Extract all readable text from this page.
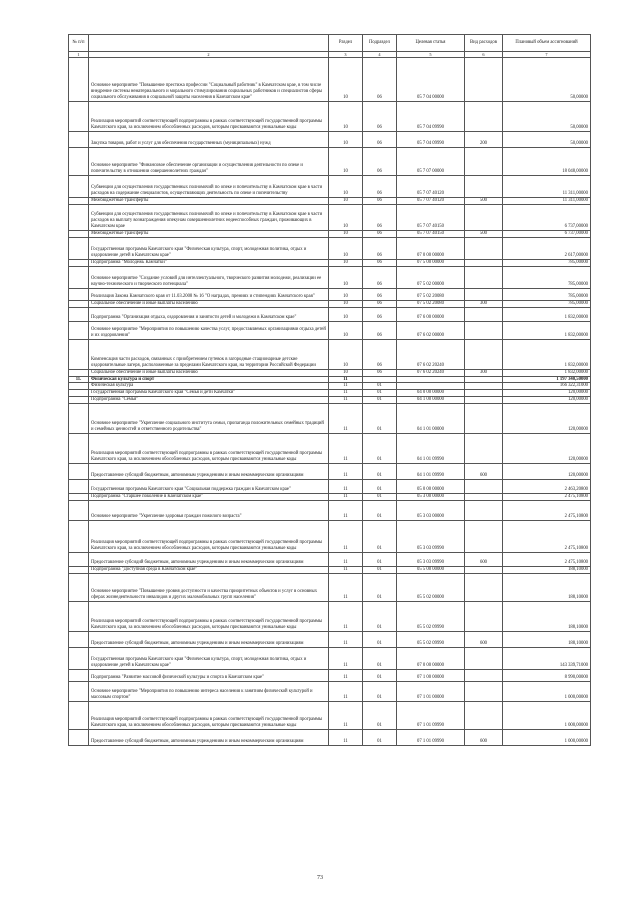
№ п/п		Раздел	Подраздел	Целевая статья	Вид расходов	Плановый объем ассигнований
1	2	3	4	5	6	7
	Основное мероприятие "Повышение престижа профессии "Социальный работник" в Камчатском крае, в том числе внедрение системы нематериального и морального стимулирования социальных работников и специалистов сферы социального обслуживания в социальной защиты населения в Камчатском крае"	10	06	05 7 04 00000		50,00000
	Реализация мероприятий соответствующей подпрограммы в рамках соответствующей государственной программы Камчатского края, за исключением обособленных расходов, которым присваиваются уникальные коды	10	06	05 7 04 09990		50,00000
	Закупка товаров, работ и услуг для обеспечения государственных (муниципальных) нужд	10	06	05 7 04 09990	200	50,00000
	Основное мероприятие "Финансовое обеспечение организации и осуществления деятельности по опеке и попечительству в отношении совершеннолетних граждан"	10	06	05 7 07 00000		18 048,00000
	Субвенции для осуществления государственных полномочий по опеке и попечительству в Камчатском крае в части расходов на содержание специалистов, осуществляющих деятельность по опеке и попечительству	10	06	05 7 07 40120		11 311,00000
	Межбюджетные трансферты	10	06	05 7 07 40120	500	11 311,00000
	Субвенции для осуществления государственных полномочий по опеке и попечительству в Камчатском крае в части расходов на выплату вознаграждения опекунам совершеннолетних недееспособных граждан, проживающих в Камчатском крае	10	06	05 7 07 40150		6 737,00000
	Межбюджетные трансферты	10	06	05 7 07 40150	500	6 737,00000
	Государственная программа Камчатского края "Физическая культура, спорт, молодежная политика, отдых и оздоровление детей в Камчатском крае"	10	06	07 0 00 00000		2 617,00000
	Подпрограмма "Молодежь Камчатки"	10	06	07 5 00 00000		785,00000
	Основное мероприятие "Создание условий для интеллектуального, творческого развития молодежи, реализации ее научно-технического и творческого потенциала"	10	06	07 5 02 00000		785,00000
	Реализация Закона Камчатского края от 11.03.2008 № 16 "О наградах, премиях и стипендиях Камчатского края"	10	06	07 5 02 20080		785,00000
	Социальное обеспечение и иные выплаты населению	10	06	07 5 02 20080	300	785,00000
	Подпрограмма "Организация отдыха, оздоровления и занятости детей и молодежи в Камчатском крае"	10	06	07 6 00 00000		1 832,00000
	Основное мероприятие "Мероприятия по повышению качества услуг, предоставляемых организациями отдыха детей и их оздоровления"	10	06	07 6 02 00000		1 832,00000
	Компенсация части расходов, связанных с приобретением путевок в загородные стационарные детские оздоровительные лагеря, расположенные за пределами Камчатского края, на территории Российской Федерации	10	06	07 6 02 20240		1 832,00000
	Социальное обеспечение и иные выплаты населению	10	06	07 6 02 20240	300	1 832,00000
11.	Физическая культура и спорт	11				1 197 340,50000
	Физическая культура	11	01			166 322,31000
	Государственная программа Камчатского края "Семья и дети Камчатки"	11	01	04 0 00 00000		120,00000
	Подпрограмма "Семья"	11	01	04 1 00 00000		120,00000
	Основное мероприятие "Укрепление социального института семьи, пропаганда положительных семейных традиций и семейных ценностей и ответственного родительства"	11	01	04 1 01 00000		120,00000
	Реализация мероприятий соответствующей подпрограммы в рамках соответствующей государственной программы Камчатского края, за исключением обособленных расходов, которым присваиваются уникальные коды	11	01	04 1 01 09990		120,00000
	Предоставление субсидий бюджетным, автономным учреждениям и иным некоммерческим организациям	11	01	04 1 01 09990	600	120,00000
	Государственная программа Камчатского края "Социальная поддержка граждан в Камчатском крае"	11	01	05 0 00 00000		2 463,20800
	Подпрограмма "Старшее поколение в Камчатском крае"	11	01	05 3 00 00000		2 475,10800
	Основное мероприятие "Укрепление здоровья граждан пожилого возраста"	11	01	05 3 03 00000		2 475,10800
	Реализация мероприятий соответствующей подпрограммы в рамках соответствующей государственной программы Камчатского края, за исключением обособленных расходов, которым присваиваются уникальные коды	11	01	05 3 03 09990		2 475,10800
	Предоставление субсидий бюджетным, автономным учреждениям и иным некоммерческим организациям	11	01	05 3 03 09990	600	2 475,10800
	Подпрограмма "Доступная среда в Камчатском крае"	11	01	05 5 00 00000		188,10000
	Основное мероприятие "Повышение уровня доступности и качества приоритетных объектов и услуг в основных сферах жизнедеятельности инвалидов и других маломобильных групп населения"	11	01	05 5 02 00000		188,10000
	Реализация мероприятий соответствующей подпрограммы в рамках соответствующей государственной программы Камчатского края, за исключением обособленных расходов, которым присваиваются уникальные коды	11	01	05 5 02 09990		188,10000
	Предоставление субсидий бюджетным, автономным учреждениям и иным некоммерческим организациям	11	01	05 5 02 09990	600	188,10000
	Государственная программа Камчатского края "Физическая культура, спорт, молодежная политика, отдых и оздоровление детей в Камчатском крае"	11	01	07 0 00 00000		143 339,71000
	Подпрограмма "Развитие массовой физической культуры и спорта в Камчатском крае"	11	01	07 1 00 00000		8 990,00000
	Основное мероприятие "Мероприятия по повышению интереса населения к занятиям физической культурой и массовым спортом"	11	01	07 1 01 00000		1 000,00000
	Реализация мероприятий соответствующей подпрограммы в рамках соответствующей государственной программы Камчатского края, за исключением обособленных расходов, которым присваиваются уникальные коды	11	01	07 1 01 09990		1 000,00000
	Предоставление субсидий бюджетным, автономным учреждениям и иным некоммерческим организациям	11	01	07 1 01 09990	600	1 000,00000
73
